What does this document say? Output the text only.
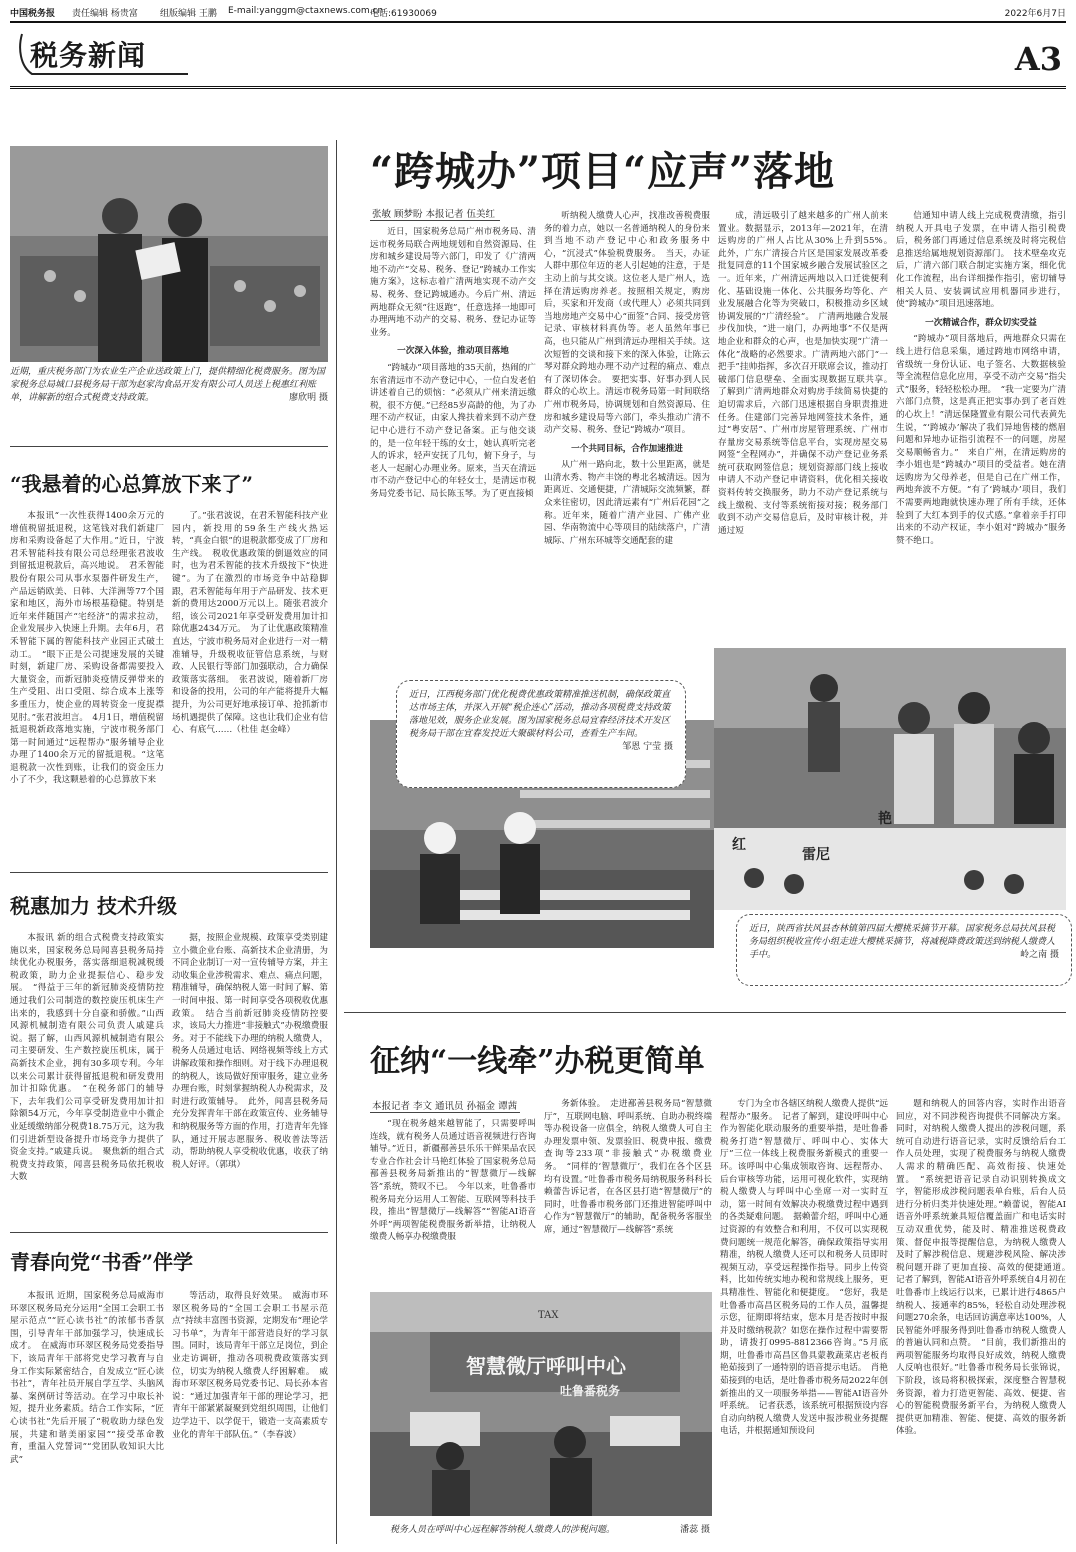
中国税务报 责任编辑 杨贵富 组版编辑 王鹏 E-mail:yanggm@ctaxnews.com.cn
电话:61930069	2022年6月7日
税务新闻	A3
近期，重庆税务部门为农业生产企业送政策上门，提供精细化税费服务。图为国家税务总局城口县税务局干部为赵家沟食品开发有限公司人员送上税惠红利账单，讲解新的组合式税费支持政策。	廖欣明 摄
“我悬着的心总算放下来了”

本报讯“一次性获得1400余万元的增值税留抵退税，这笔钱对我们新建厂房和采购设备起了大作用。”近日，宁波君禾智能科技有限公司总经理张君波收到留抵退税款后，高兴地说。　君禾智能股份有限公司从事水泵器件研发生产，产品远销欧美、日韩、大洋洲等77个国家和地区，海外市场根基稳健。特别是近年来伴随国产“宅经济”的需求拉动，企业发展步入快速上升期。去年6月，君禾智能下属的智能科技产业园正式破土动工。　“眼下正是公司提速发展的关键时刻，新建厂房、采购设备都需要投入大量资金，而新冠肺炎疫情反弹带来的生产受阻、出口受阻、综合成本上涨等多重压力，使企业的周转资金一度捉襟见肘。”张君波坦言。　4月1日，增值税留抵退税新政落地实施，宁波市税务部门第一时间通过“远程帮办”服务辅导企业办理了1400余万元的留抵退税。“这笔退税款一次性到账，让我们的资金压力小了不少，我这颗悬着的心总算放下来

了。”张君波说，在君禾智能科技产业园内，新投用的59条生产线火热运转，“真金白银”的退税款都变成了厂房和生产线。　税收优惠政策的倒逼效应的同时，也为君禾智能的技术升级按下“快进键”。为了在激烈的市场竞争中站稳脚跟，君禾智能每年用于产品研发、技术更新的费用达2000万元以上。随张君波介绍，该公司2021年享受研发费用加计扣除优惠2434万元。　为了让优惠政策精准直达，宁波市税务局对企业进行一对一精准辅导，升级税收征管信息系统，与财政、人民银行等部门加强联动，合力确保政策落实落细。　张君波说，随着新厂房和设备的投用，公司的年产能将提升大幅提升，为公司更好地承接订单、抢抓新市场机遇提供了保障。这也让我们企业有信心、有底气……（杜佳 赵金峰）

税惠加力 技术升级

本报讯 新的组合式税费支持政策实施以来，国家税务总局闻喜县税务局持续优化办税服务，落实落细退税减税缓税政策，助力企业提振信心、稳步发展。　“得益于三年的新冠肺炎疫情防控通过我们公司制造的数控旋压机床生产出来的，我感到十分自豪和骄傲。”山西风源机械制造有限公司负责人戚建兵说。据了解，山西风源机械制造有限公司主要研发、生产数控旋压机床，属于高新技术企业，拥有30多项专利。今年以来公司累计获得留抵退税和研发费用加计扣除优惠。　“在税务部门的辅导下，去年我们公司享受研发费用加计扣除额54万元，今年享受制造业中小微企业延缓缴纳部分税费18.75万元，这为我们引进新型设备提升市场竞争力提供了资金支持。”戚建兵说。　聚焦新的组合式税费支持政策，闻喜县税务局依托税收大数

据，按照企业规模、政策享受类别建立小微企业台账、高新技术企业清册，为不同企业制订一对一宣传辅导方案，并主动收集企业涉税需求、难点、痛点问题，精准辅导，确保纳税人第一时间了解、第一时间申报、第一时间享受各项税收优惠政策。　结合当前新冠肺炎疫情防控要求，该局大力推进“非接触式”办税缴费服务。对于不能线下办理的纳税人缴费人，税务人员通过电话、网络视频等线上方式讲解政策和操作细则。对于线下办理退税的纳税人，该局做好预审服务，建立业务办理台账，时刻掌握纳税人办税需求，及时进行政策辅导。　此外，闻喜县税务局充分发挥青年干部在政策宣传、业务辅导和纳税服务等方面的作用，打造青年先锋队，通过开展志愿服务、税收普法等活动，帮助纳税人享受税收优惠，收获了纳税人好评。（郭琪）

青春向党“书香”伴学

本报讯 近期，国家税务总局威海市环翠区税务局充分运用“全国工会职工书屋示范点”“匠心读书社”的浓郁书香氛围，引导青年干部加强学习，快速成长成才。　在威海市环翠区税务局党委指导下，该局青年干部将党史学习教育与自身工作实际紧密结合，自发成立“匠心读书社”，青年社员开展自学互学、头脑风暴、案例研讨等活动。在学习中取长补短，提升业务素质。结合工作实际，“匠心读书社”先后开展了“税收助力绿色发展，共建和谐美丽家园”“接受革命教育，重温入党誓词”“党团队收知识大比武”

等活动，取得良好效果。　威海市环翠区税务局的“全国工会职工书屋示范点”持续丰富图书资源，定期发布“理论学习书单”，为青年干部营造良好的学习氛围。同时，该局青年干部立足岗位，到企业走访调研，推动各项税费政策落实到位，切实为纳税人缴费人纾困解难。　威海市环翠区税务局党委书记、局长孙本省说：“通过加强青年干部的理论学习，把青年干部紧紧凝聚到党组织周围，让他们边学边干、以学促干，锻造一支高素质专业化的青年干部队伍。”（李春波）

“跨城办”项目“应声”落地
张敏 顾梦盼 本报记者 伍美红

近日，国家税务总局广州市税务局、清远市税务局联合两地规划和自然资源局、住房和城乡建设局等六部门，印发了《广清两地不动产“交易、税务、登记”跨城办工作实施方案》，这标志着广清两地实现不动产交易、税务、登记跨城通办。今后广州、清远两地群众无须“往返跑”，任意选择一地即可办理两地不动产的交易、税务、登记办证等业务。

一次深入体验，推动项目落地

“跨城办”项目落地的35天前，热闹的广东省清远市不动产登记中心，一位白发老伯讲述着自己的烦恼：“必须从广州来清远缴税，很不方便。”已经85岁高龄的他，为了办理不动产权证，由家人搀扶着来到不动产登记中心进行不动产登记备案。正与他交谈的，是一位年轻干练的女士，她认真听完老人的诉求，轻声安抚了几句，俯下身子，与老人一起耐心办理业务。原来，当天在清远市不动产登记中心的年轻女士，是清远市税务局党委书记、局长陈玉琴。为了更直接倾

听纳税人缴费人心声，找准改善税费服务的着力点，她以一名普通纳税人的身份来到当地不动产登记中心和政务服务中心，“沉浸式”体验税费服务。　当天，办证人群中那位年迈的老人引起她的注意，于是主动上前与其交谈。这位老人是广州人，选择在清远购房养老。按照相关规定，购房后，买家和开发商（或代理人）必须共同到当地房地产交易中心“面签”合同、接受房管记录、审核材料真伪等。老人虽然年事已高，也只能从广州到清远办理相关手续。这次短暂的交谈和接下来的深入体验，让陈云琴对群众跨地办理不动产过程的痛点、难点有了深切体会。　要把实事、好事办到人民群众的心坎上。清远市税务局第一时间联络广州市税务局，协调规划和自然资源局、住房和城乡建设局等六部门，牵头推动广清不动产交易、税务、登记“跨城办”项目。

一个共同目标，合作加速推进

从广州一路向北，数十公里距离，就是山清水秀、物产丰饶的粤北名城清远。因为距离近、交通便捷，广清城际交流频繁，群众来往密切，因此清远素有“广州后花园”之称。近年来，随着广清产业园、广佛产业园、华南物流中心等项目的陆续落户，广清城际、广州东环城等交通配套的建

成，清远吸引了越来越多的广州人前来置业。数据显示，2013年—2021年，在清远购房的广州人占比从30%上升到55%。　此外，广东广清接合片区是国家发展改革委批复同意的11个国家城乡融合发展试验区之一。近年来，广州清远两地以入口迁徙便利化、基础设施一体化、公共服务均等化、产业发展融合化等为突破口，积极推动乡区域协调发展的“广清经验”。　广清两地融合发展步伐加快，“进一扇门，办两地事”不仅是两地企业和群众的心声，也是加快实现“广清一体化”战略的必然要求。广清两地六部门“一把手”挂帅指挥，多次召开联席会议，推动打破部门信息壁垒、全面实现数据互联共享。　了解到广清两地群众对购房手续简易快捷的迫切需求后，六部门迅速根据自身职责推进任务。住建部门完善异地网签技术条件，通过“粤安居”、广州市房屋管理系统、广州市存量房交易系统等信息平台，实现房屋交易网签“全程网办”，并确保不动产登记业务系统可获取网签信息；规划资源部门线上接收申请人不动产登记申请资料，优化相关接收资料传转交换服务，助力不动产登记系统与线上缴税、支付等系统衔接对接；税务部门收到不动产交易信息后，及时审核计税，并通过短

信通知申请人线上完成税费清缴，指引纳税人开具电子发票，在申请人指引税费后，税务部门再通过信息系统及时将完税信息推送给属地规划资源部门。　技术壁垒攻克后，广清六部门联合制定实施方案，细化优化工作流程，出台详细操作指引，密切辅导相关人员、安装调试应用机器同步进行，使“跨城办”项目迅速落地。

一次精诚合作，群众切实受益

“跨城办”项目落地后，两地群众只需在线上进行信息采集，通过跨地市网络申请，省级统一身份认证、电子签名、大数据核验等全流程信息化应用，享受不动产交易“指尖式”服务，轻轻松松办理。　“我一定要为广清六部门点赞，这是真正把实事办到了老百姓的心坎上！”清远保隆置业有限公司代表黄先生说，“‘跨城办’解决了我们异地售楼的燃眉问题和异地办证指引流程不一的问题，房屋交易顺畅省力。”　来自广州，在清远购房的李小姐也是“跨城办”项目的受益者。她在清远购房为父母养老，但是自己在广州工作，两地奔波不方便。“有了‘跨城办’项目，我们不需要两地跑就快速办理了所有手续，还体验到了大红本到手的仪式感。”拿着亲手打印出来的不动产权证，李小姐对“跨城办”服务赞不绝口。

近日，江西税务部门优化税费优惠政策精准推送机制，确保政策直达市场主体，并深入开展“税企连心”活动，推动各项税费支持政策落地见效，服务企业发展。图为国家税务总局宜春经济技术开发区税务局干部在宜春发投近大聚碳材料公司，查看生产车间。
邹恩 宁莹 摄
红
雷尼
艳
近日，陕西省扶风县杏林镇第四届大樱桃采摘节开幕。国家税务总局扶风县税务局组织税收宣传小组走进大樱桃采摘节，将减税降费政策送到纳税人缴费人手中。	岭之南 摄
征纳“一线牵”办税更简单
本报记者 李文 通讯员 孙福金 谭茜

“现在税务越来越智能了，只需要呼叫连线，就有税务人员通过语音视频进行咨询辅导。”近日，新疆鄯善县乐乐干鲜果品农民专业合作社会计马艳红体验了国家税务总局鄯善县税务局新推出的“智慧微厅—线解答”系统，赞叹不已。　今年以来，吐鲁番市税务局充分运用人工智能、互联网等科技手段，推出“智慧微厅—线解答”“智能AI语音外呼”两项智能税费服务新举措，让纳税人缴费人畅享办税缴费服

务新体验。　走进鄯善县税务局“智慧微厅”，互联网电脑、呼叫系统、自助办税终端等办税设备一应俱全，纳税人缴费人可自主办理发票申领、发票验旧、税费申报、缴费查询等233项“非接触式”办税缴费业务。　“同样的‘智慧微厅’，我们在各个区县均有设置。”吐鲁番市税务局纳税服务科科长赖蕾告诉记者，在各区县打造“智慧微厅”的同时，吐鲁番市税务部门还推进智能呼叫中心作为“智慧微厅”的辅助，配备税务客服坐席，通过“智慧微厅—线解答”系统

专门为全市各辖区纳税人缴费人提供“远程帮办”服务。　记者了解到，建设呼叫中心作为智能化联动服务的重要举措，是吐鲁番税务打造“智慧微厅、呼叫中心、实体大厅”三位一体线上税费服务新模式的重要一环。该呼叫中心集成领取咨询、远程帮办、后台审核等功能，运用可视化软件，实现纳税人缴费人与呼叫中心坐席一对一实时互动，第一时间有效解决办税缴费过程中遇到的各类疑难问题。　据赖蕾介绍，呼叫中心通过资源的有效整合和利用，不仅可以实现税费问题统一规范化解答，确保政策指导实用精准，纳税人缴费人还可以和税务人员即时视频互动，享受远程操作指导。同步上传资料，比如传统实地办税和常规线上服务，更具精准性、智能化和便捷度。　“您好，我是吐鲁番市高昌区税务局的工作人员，温馨提示您，征期即将结束，您本月是否按时申报并及时缴纳税款？如您在操作过程中需要帮助，请拨打0995-8812366咨询。”5月底期，吐鲁番市高昌区鲁具蒙教蔬菜店老板肖艳茹接到了一通特别的语音提示电话。　肖艳茹接到的电话，是吐鲁番市税务局2022年创新推出的又一项服务举措——智能AI语音外呼系统。　记者获悉，该系统可根据预设内容自动向纳税人缴费人发送申报涉税业务提醒电话，并根据通知预设问

题和纳税人的回答内容，实时作出语音回应，对不同涉税咨询提供不同解决方案。同时，对纳税人缴费人提出的涉税问题，系统可自动进行语音记录，实时反馈给后台工作人员处理，实现了税费服务与纳税人缴费人需求的精确匹配、高效衔接、快速处置。　“系统把语音记录自动识别转换成文字，智能形成涉税问题表单台账，后台人员进行分析归类并快速处理。”赖蕾说，智能AI语音外呼系统兼具短信覆盖面广和电话实时互动双重优势，能及时、精准推送税费政策、督促申报等提醒信息，为纳税人缴费人及时了解涉税信息、规避涉税风险、解决涉税问题开辟了更加直接、高效的便捷通道。　记者了解到，智能AI语音外呼系统自4月初在吐鲁番市上线运行以来，已累计进行4865户纳税人、接通率约85%，轻松自动处理涉税问题270余条，电话回访满意率达100%，人民智能外呼服务得到吐鲁番市纳税人缴费人的普遍认同和点赞。　“目前，我们新推出的两项智能服务均取得良好成效，纳税人缴费人反响也很好。”吐鲁番市税务局长张锦说，下阶段，该局将积极探索，深度整合智慧税务资源，着力打造更智能、高效、便捷、省心的智能税费服务新平台，为纳税人缴费人提供更加精准、智能、便捷、高效的服务新体验。

智慧微厅呼叫中心
吐鲁番税务
TAX
税务人员在呼叫中心远程解答纳税人缴费人的涉税问题。	潘蕊 摄
